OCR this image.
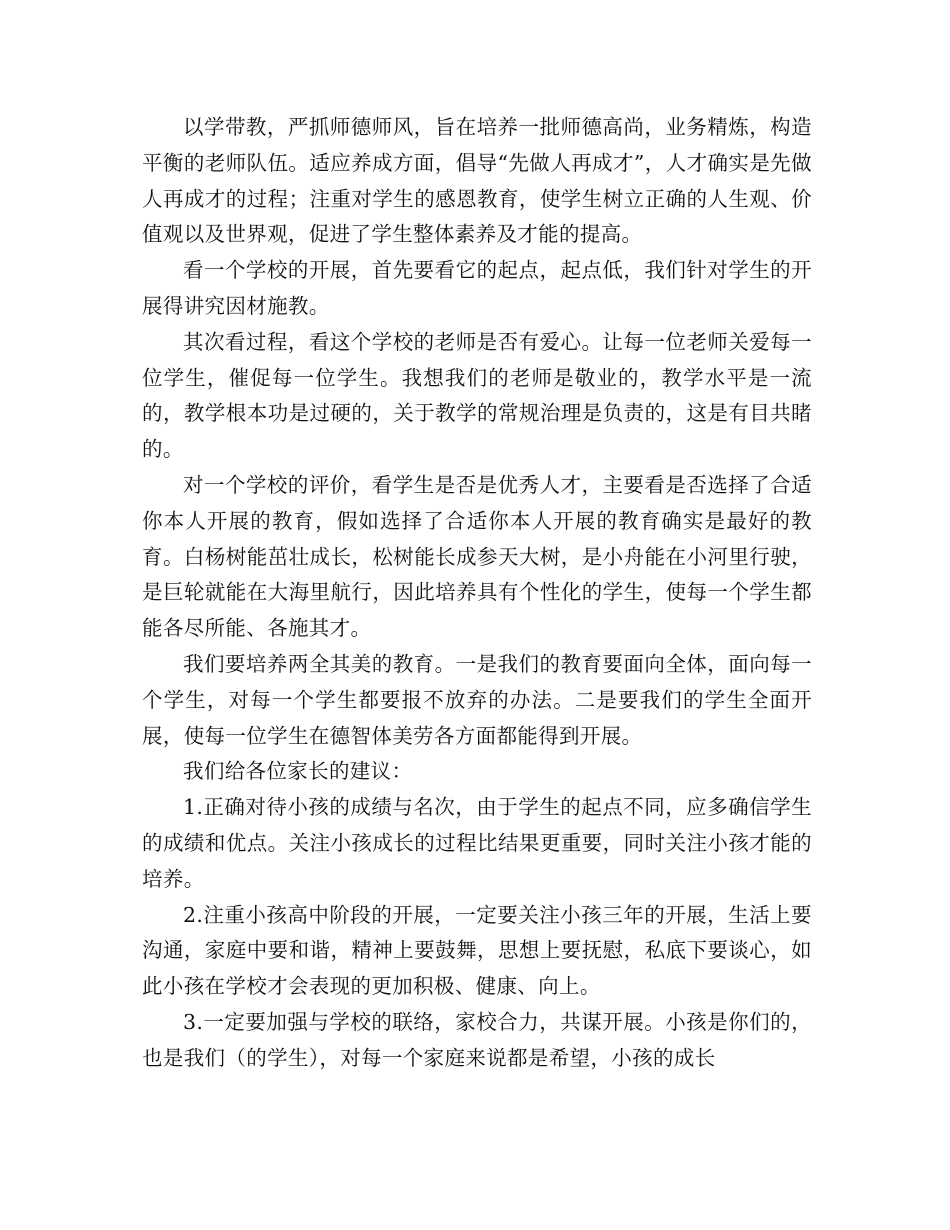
以学带教，严抓师德师风，旨在培养一批师德高尚，业务精炼，构造平衡的老师队伍。适应养成方面，倡导“先做人再成才”，人才确实是先做人再成才的过程；注重对学生的感恩教育，使学生树立正确的人生观、价值观以及世界观，促进了学生整体素养及才能的提高。

看一个学校的开展，首先要看它的起点，起点低，我们针对学生的开展得讲究因材施教。

其次看过程，看这个学校的老师是否有爱心。让每一位老师关爱每一位学生，催促每一位学生。我想我们的老师是敬业的，教学水平是一流的，教学根本功是过硬的，关于教学的常规治理是负责的，这是有目共睹的。

对一个学校的评价，看学生是否是优秀人才，主要看是否选择了合适你本人开展的教育，假如选择了合适你本人开展的教育确实是最好的教育。白杨树能茁壮成长，松树能长成参天大树，是小舟能在小河里行驶，是巨轮就能在大海里航行，因此培养具有个性化的学生，使每一个学生都能各尽所能、各施其才。

我们要培养两全其美的教育。一是我们的教育要面向全体，面向每一个学生，对每一个学生都要报不放弃的办法。二是要我们的学生全面开展，使每一位学生在德智体美劳各方面都能得到开展。

我们给各位家长的建议：

1.正确对待小孩的成绩与名次，由于学生的起点不同，应多确信学生的成绩和优点。关注小孩成长的过程比结果更重要，同时关注小孩才能的培养。

2.注重小孩高中阶段的开展，一定要关注小孩三年的开展，生活上要沟通，家庭中要和谐，精神上要鼓舞，思想上要抚慰，私底下要谈心，如此小孩在学校才会表现的更加积极、健康、向上。

3.一定要加强与学校的联络，家校合力，共谋开展。小孩是你们的，也是我们（的学生），对每一个家庭来说都是希望，小孩的成长
